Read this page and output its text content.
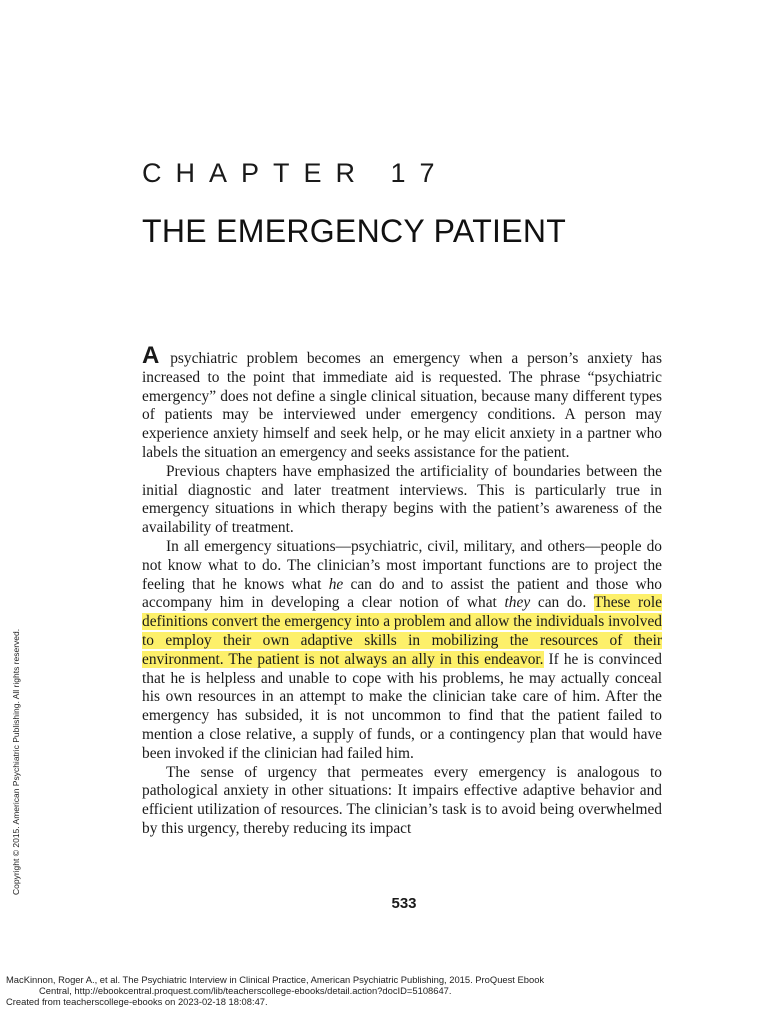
CHAPTER 17
THE EMERGENCY PATIENT

A psychiatric problem becomes an emergency when a person’s anxiety has increased to the point that immediate aid is requested. The phrase “psychiatric emergency” does not define a single clinical situation, because many different types of patients may be interviewed under emergency conditions. A person may experience anxiety himself and seek help, or he may elicit anxiety in a partner who labels the situation an emergency and seeks assistance for the patient.

Previous chapters have emphasized the artificiality of boundaries between the initial diagnostic and later treatment interviews. This is particularly true in emergency situations in which therapy begins with the patient’s awareness of the availability of treatment.

In all emergency situations—psychiatric, civil, military, and others—people do not know what to do. The clinician’s most important functions are to project the feeling that he knows what he can do and to assist the patient and those who accompany him in developing a clear notion of what they can do. These role definitions convert the emergency into a problem and allow the individuals involved to employ their own adaptive skills in mobilizing the resources of their environment. The patient is not always an ally in this endeavor. If he is convinced that he is helpless and unable to cope with his problems, he may actually conceal his own resources in an attempt to make the clinician take care of him. After the emergency has subsided, it is not uncommon to find that the patient failed to mention a close relative, a supply of funds, or a contingency plan that would have been invoked if the clinician had failed him.

The sense of urgency that permeates every emergency is analogous to pathological anxiety in other situations: It impairs effective adaptive behavior and efficient utilization of resources. The clinician’s task is to avoid being overwhelmed by this urgency, thereby reducing its impact

533
Copyright © 2015. American Psychiatric Publishing. All rights reserved.
MacKinnon, Roger A., et al. The Psychiatric Interview in Clinical Practice, American Psychiatric Publishing, 2015. ProQuest Ebook
Central, http://ebookcentral.proquest.com/lib/teacherscollege-ebooks/detail.action?docID=5108647.
Created from teacherscollege-ebooks on 2023-02-18 18:08:47.
